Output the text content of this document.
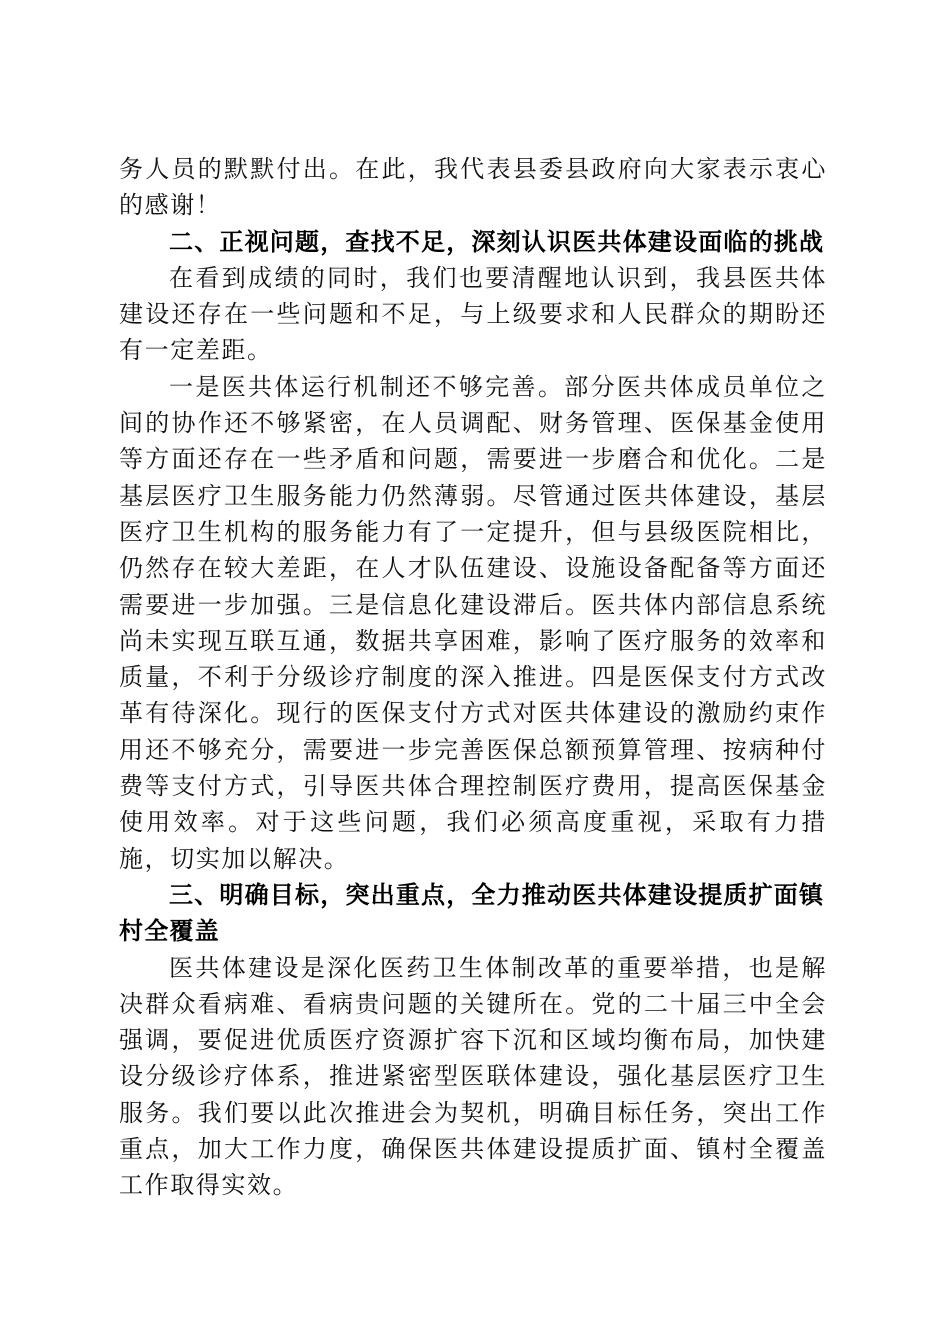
务人员的默默付出。在此，我代表县委县政府向大家表示衷心的感谢！

二、正视问题，查找不足，深刻认识医共体建设面临的挑战

在看到成绩的同时，我们也要清醒地认识到，我县医共体建设还存在一些问题和不足，与上级要求和人民群众的期盼还有一定差距。

一是医共体运行机制还不够完善。部分医共体成员单位之间的协作还不够紧密，在人员调配、财务管理、医保基金使用等方面还存在一些矛盾和问题，需要进一步磨合和优化。二是基层医疗卫生服务能力仍然薄弱。尽管通过医共体建设，基层医疗卫生机构的服务能力有了一定提升，但与县级医院相比，仍然存在较大差距，在人才队伍建设、设施设备配备等方面还需要进一步加强。三是信息化建设滞后。医共体内部信息系统尚未实现互联互通，数据共享困难，影响了医疗服务的效率和质量，不利于分级诊疗制度的深入推进。四是医保支付方式改革有待深化。现行的医保支付方式对医共体建设的激励约束作用还不够充分，需要进一步完善医保总额预算管理、按病种付费等支付方式，引导医共体合理控制医疗费用，提高医保基金使用效率。对于这些问题，我们必须高度重视，采取有力措施，切实加以解决。

三、明确目标，突出重点，全力推动医共体建设提质扩面镇村全覆盖

医共体建设是深化医药卫生体制改革的重要举措，也是解决群众看病难、看病贵问题的关键所在。党的二十届三中全会强调，要促进优质医疗资源扩容下沉和区域均衡布局，加快建设分级诊疗体系，推进紧密型医联体建设，强化基层医疗卫生服务。我们要以此次推进会为契机，明确目标任务，突出工作重点，加大工作力度，确保医共体建设提质扩面、镇村全覆盖工作取得实效。
